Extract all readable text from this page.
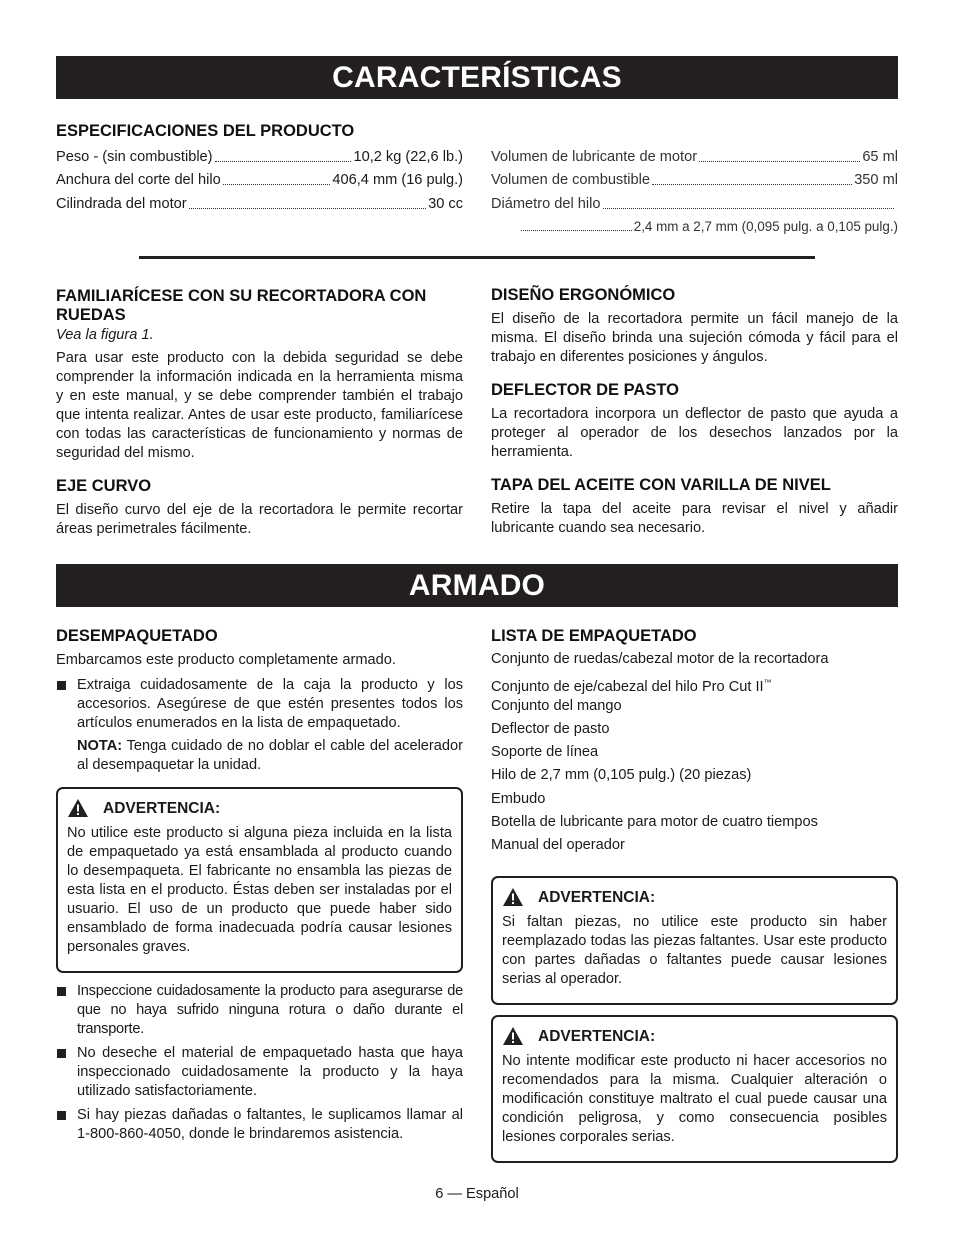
CARACTERÍSTICAS
ESPECIFICACIONES DEL PRODUCTO
Peso - (sin combustible)	10,2 kg (22,6 lb.)
Anchura del corte del hilo	406,4 mm (16 pulg.)
Cilindrada del motor	30 cc
Volumen de lubricante de motor	65 ml
Volumen de combustible	350 ml
Diámetro del hilo
2,4 mm a 2,7 mm (0,095 pulg. a 0,105 pulg.)
FAMILIARÍCESE CON SU RECORTADORA CON RUEDAS
Vea la figura 1.
Para usar este producto con la debida seguridad se debe comprender la información indicada en la herramienta misma y en este manual, y se debe comprender también el trabajo que intenta realizar. Antes de usar este producto, familiarícese con todas las características de funcionamiento y normas de seguridad del mismo.
EJE CURVO
El diseño curvo del eje de la recortadora le permite recortar áreas perimetrales fácilmente.
DISEÑO ERGONÓMICO
El diseño de la recortadora permite un fácil manejo de la misma. El diseño brinda una sujeción cómoda y fácil para el trabajo en diferentes posiciones y ángulos.
DEFLECTOR DE PASTO
La recortadora incorpora un deflector de pasto que ayuda a proteger al operador de los desechos lanzados por la herramienta.
TAPA DEL ACEITE CON VARILLA DE NIVEL
Retire la tapa del aceite para revisar el nivel y añadir lubricante cuando sea necesario.
ARMADO
DESEMPAQUETADO
Embarcamos este producto completamente armado.
Extraiga cuidadosamente de la caja la producto y los accesorios. Asegúrese de que estén presentes todos los artículos enumerados en la lista de empaquetado.
NOTA: Tenga cuidado de no doblar el cable del acelerador al desempaquetar la unidad.
ADVERTENCIA:
No utilice este producto si alguna pieza incluida en la lista de empaquetado ya está ensamblada al producto cuando lo desempaqueta. El fabricante no ensambla las piezas de esta lista en el producto. Éstas deben ser instaladas por el usuario. El uso de un producto que puede haber sido ensamblado de forma inadecuada podría causar lesiones personales graves.
Inspeccione cuidadosamente la producto para asegurarse de que no haya sufrido ninguna rotura o daño durante el transporte.
No deseche el material de empaquetado hasta que haya inspeccionado cuidadosamente la producto y la haya utilizado satisfactoriamente.
Si hay piezas dañadas o faltantes, le suplicamos llamar al 1-800-860-4050, donde le brindaremos asistencia.
LISTA DE EMPAQUETADO
Conjunto de ruedas/cabezal motor de la recortadora
Conjunto de eje/cabezal del hilo Pro Cut II™
Conjunto del mango
Deflector de pasto
Soporte de línea
Hilo de 2,7 mm (0,105 pulg.) (20 piezas)
Embudo
Botella de lubricante para motor de cuatro tiempos
Manual del operador
ADVERTENCIA:
Si faltan piezas, no utilice este producto sin haber reemplazado todas las piezas faltantes. Usar este producto con partes dañadas o faltantes puede causar lesiones serias al operador.
ADVERTENCIA:
No intente modificar este producto ni hacer accesorios no recomendados para la misma. Cualquier alteración o modificación constituye maltrato el cual puede causar una condición peligrosa, y como consecuencia posibles lesiones corporales serias.
6 — Español
